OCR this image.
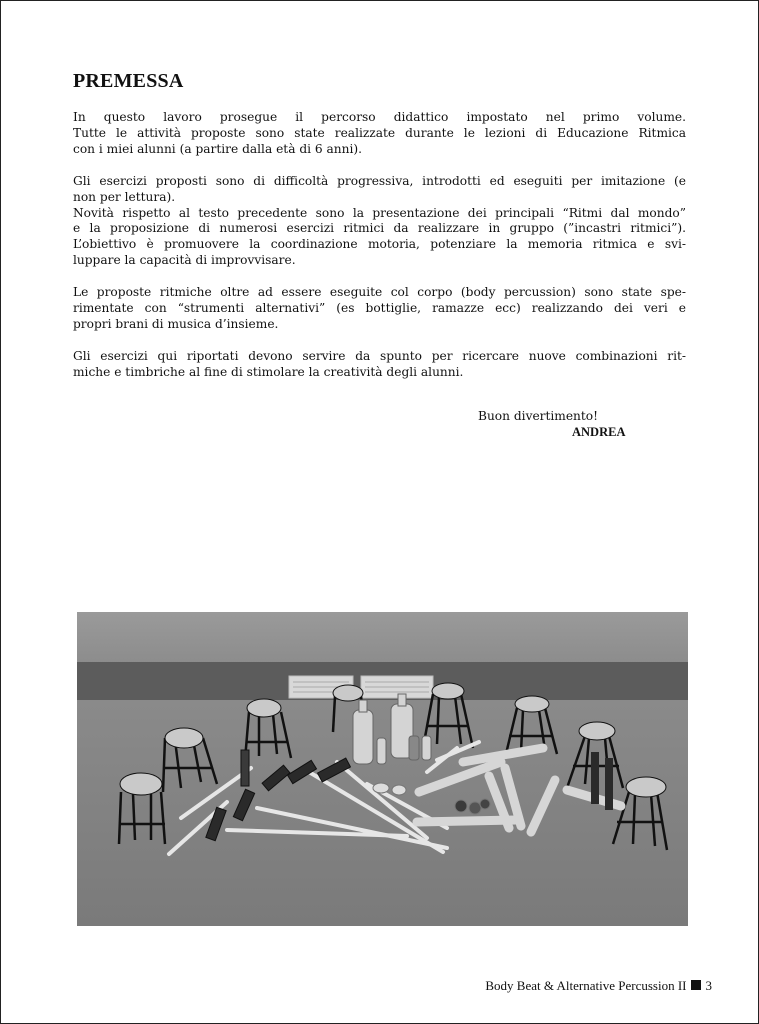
PREMESSA

In questo lavoro prosegue il percorso didattico impostato nel primo volume.
Tutte le attività proposte sono state realizzate durante le lezioni di Educazione Ritmica
con i miei alunni (a partire dalla età di 6 anni).

Gli esercizi proposti sono di difficoltà progressiva, introdotti ed eseguiti per imitazione (e
non per lettura).
Novità rispetto al testo precedente sono la presentazione dei principali “Ritmi dal mondo”
e la proposizione di numerosi esercizi ritmici da realizzare in gruppo (”incastri ritmici”).
L’obiettivo è promuovere la coordinazione motoria, potenziare la memoria ritmica e svi-
luppare la capacità di improvvisare.

Le proposte ritmiche oltre ad essere eseguite col corpo (body percussion) sono state spe-
rimentate con “strumenti alternativi” (es bottiglie, ramazze ecc) realizzando dei veri e
propri brani di musica d’insieme.

Gli esercizi qui riportati devono servire da spunto per ricercare nuove combinazioni rit-
miche e timbriche al fine di stimolare la creatività degli alunni.

Buon divertimento!
ANDREA
Body Beat & Alternative Percussion II 3
